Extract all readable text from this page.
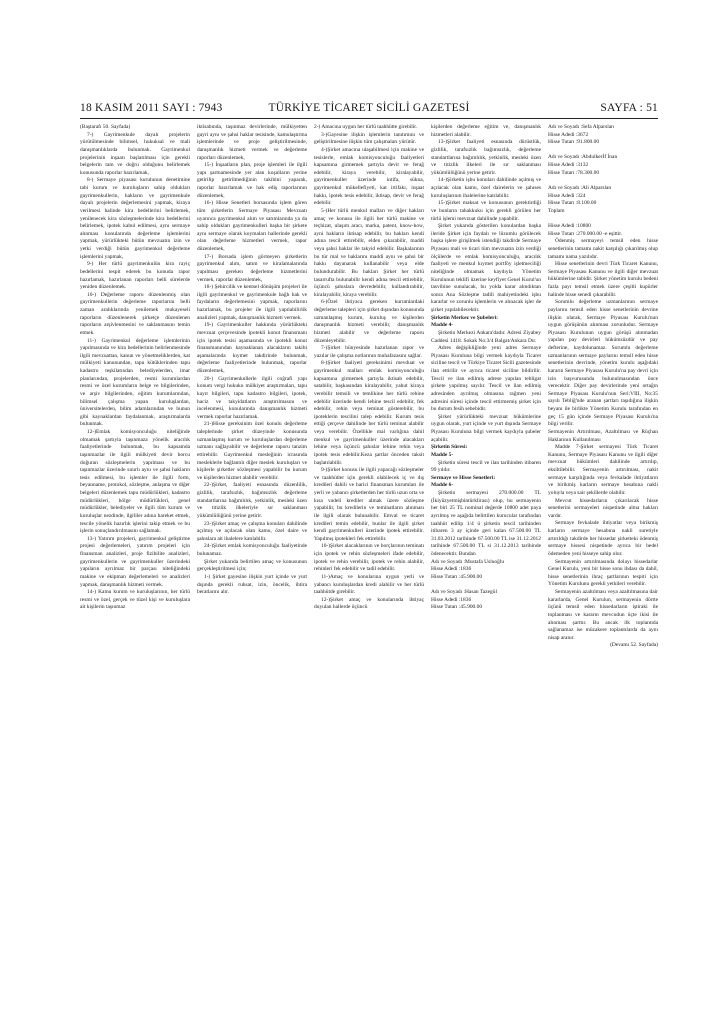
18 KASIM 2011 SAYI : 7943	TÜRKİYE TİCARET SİCİLİ GAZETESİ	SAYFA : 51

(Baştarafı 50. Sayfada)

7-) Gayrimenkule dayalı projelerin yürütülmesinde bilimsel, hukuksal ve mali danışmanlıklarda bulunmak. Gayrimenkul projelerinin inşaatı başlatılması için gerekli belgelerin tam ve doğru olduğunu belirlemek konusunda raporlar hazırlamak,

8-) Sermaye piyasası kurulunun denetimine tabi kurum ve kuruluşların sahip oldukları gayrimenkullerin, hakların ve gayrimenkule dayalı projelerin değerlemesini yapmak, kiraya verilmesi halinde kira bedellerini belirlemek, yenilenecek kira sözleşmelerinde kira bedellerini belirlemek, ipotek kabul edilmesi, aynı sermaye alınması konularında değerleme işlemlerini yapmak, yürürlükteki bütün mevzuatın izin ve yetki verdiği bütün gayrimenkul değerleme işlemlerini yapmak,

9-) Her türlü gayrimenkulün kira rayiç bedellerini tespit ederek bu konuda rapor hazırlamak, hazırlanan raporları belli sürelerde yeniden düzenlemek.

10-) Değerleme raporu düzenlenmiş olan gayrimenkullerin değerleme raporlarını belli zaman aralıklarında yenilemek mukayeseli raporların düzenlenerek şirketçe düzenlenen raporların arşivlenmesini ve saklanmasını temin etmek.

11-) Gayrimenkul değerleme işlemlerinin yapılmasında ve kira bedellerinin belirlenmesinde ilgili mevzuattan, kanun ve yönetmeliklerden, kat mülkiyeti kanunundan, tapu kütüklerinden tapu kadastro teşkilatından belediyelerden, imar planlarından, projelerden, resmi kurumlardan resmi ve özel kurumların belge ve bilgilerinden, ve arşiv bilgilerinden, eğitim kurumlarından, bilimsel çalışma yapan kuruluşlardan, üniversitelerden, bilim adamlarından ve bunun gibi kaynaklardan faydalanmak, araştırmalarda bulunmak.

12-)Emlak komisyonculuğu niteliğinde olmamak şartıyla taşınmaza yönelik aracılık faaliyetlerinde bulunmak, bu kapsamda taşınmazlar ile ilgili mülkiyeti devir borcu doğuran sözleşmelerin yapılması ve bu taşınmazlar üzerinde sınırlı aynı ve şahsi hakların tesis edilmesi, bu işlemler ile ilgili form, beyanname, protokol, sözleşme, anlaşma ve diğer belgeleri düzenlemek tapu müdürlükleri, kadastro müdürlükleri, bölge müdürlükleri, genel müdürlükler, belediyeler ve ilgili tüm kurum ve kuruluşlar nezdinde, ilgililer adına hareket etmek, tescile yönelik hazırlık işlerini takip etmek ve bu işlerin sonuçlandırılmasını sağlamak.

13-) Yatırım projeleri, gayrimenkul geliştirme projesi değerlemeleri, yatırım projeleri için finansman analizleri, proje fizibilite analizleri, gayrimenkullerin ve gayrimenkuller üzerindeki yapıların ayrılmaz bir parçası niteliğindeki makine ve ekipman değerlemeleri ve analizleri yapmak, danışmanlık hizmeti vermek.

14-) Kamu kurum ve kuruluşlarının, her türlü resmi ve özel, gerçek ve tüzel kişi ve kuruluşlara ait kişilerin taşınmaz

iktisabında, taşınmaz devirlerinde, mülkiyetten gayri aynı ve şahsi haklar tesisinde, kamulaştırma işlemlerinde ve proje geliştirilmesinde, danışmanlık hizmeti vermek ve değerleme raporları düzenlemek,

15-) İnşaatların plan, proje işlemleri ile ilgili yapı şartnamesinde yer alan koşulların yerine getirilip getirilmediğinin takibini yaparak, raporlar hazırlamak ve hak ediş raporlarının düzenlemek,

16-) Hisse Senetleri borsasında işlem gören tüm şirketlerin Sermaye Piyasası Mevzuatı uyarınca gayrimenkul alım ve satımlarında ya da sahip oldukları gayrimenkulleri başka bir şirkete aynı sermaye olarak koymaları hallerinde gerekli olan değerleme hizmetleri vermek, rapor düzenlemek,

17-) Borsada işlem görmeyen şirketlerin gayrimenkul alım, satım ve kiralamalarında yapılması gereken değerleme hizmetlerini vermek, raporlar düzenlemek,

18-) Şehircilik ve kentsel dönüşüm projeleri ile ilgili gayrimenkul ve gayrimenkule bağlı hak ve faydaların değerlemesini yapmak, raporlarını hazırlamak, bu projeler ile ilgili yapılabilirlik analizleri yapmak, danışmanlık hizmeti vermek.

19-) Gayrimenkuller hakkında yürürlükteki mevzuat çerçevesinde ipotekli konut finansmanı için ipotek tesisi aşamasında ve ipotekli konut finansmanından kaynaklanan alacakların takibi aşamalarında kıymet takdirinde bulunmak, değerleme faaliyetlerinde bulunmak, raporlar düzenlemek,

20-) Gayrimenkullerle ilgili coğrafi yapı konum vergi hukuku mülkiyet araştırmaları, tapu kayıt bilgileri, tapu kadastro bilgileri, ipotek, haciz ve takyidatların araştırılmasını ve incelenmesi, konularında danışmanlık hizmeti vermek raporlar hazırlamak.

21-)Hisse gereksinim özel konulu değerleme taleplerinde şirket düzeyinde konusunda uzmanlaşmış kurum ve kuruluşlardan değerleme uzmanı sağlayabilir ve değerleme raporu tanzim ettirebilir. Gayrimenkul mesleğinin icrasında mesleklerle bağlantılı diğer meslek kuruluşları ve kişilerle şirketler sözleşmesi yapabilir bu kurum ve kişilerden hizmet alabilir verebilir.

22-)Şirket, faaliyeti esnasında düzenlilik, gizlilik, tarafsızlık, bağımsızlık değerleme standartlarına bağımlılık, yetkinlik, mesleki özen ve titizlik ilkeleriyle sır saklanması yükümlülüğünü yerine getirir.

23-)Şirket amaç ve çalışma konuları dahilinde açılmış ve açılacak olan kamu, özel daire ve şahıslara ait ihalelere katılabilir.

24-)Şirket emlak komisyonculuğu faaliyetinde bulunamaz.

Şirket yukarıda belirtilen amaç ve konusunun gerçekleştirilmesi için;

1-) Şirket gayesine ilişkin yurt içinde ve yurt dışında gerekli ruhsat, izin, öncelik, ihtira beratlarını alır.

2-) Amacına uygun her türlü taahhütte girebilir.

3-)Gayesine ilişkin işlemlerin tanıtımını ve geliştirilmesine ilişkin tüm çalışmaları yürütür.

4-)Şirket amacına ulaşabilmesi için makine ve tesislerle, emlak komisyonculuğu faaliyetleri kapsamına girmemek şartıyla devir ve ferağ edebilir, kiraya verebilir, kiralayabilir, gayrimenkuller üzerinde intifa, sükna, gayrimenkul mükellefiyeti, kat irtifakı, inşaat hakkı, ipotek tesis edebilir, iktisap, devir ve ferağ edebilir.

5-)Her türlü menkul malları ve diğer hakları amaç ve konusu ile ilgili her türlü makine ve teçhizat, ulaşım aracı, marka, patent, know-how, ayni hakların iktisap edebilir, bu hakları kendi adına tescil ettirebilir, elden çıkarabilir, maddi veya şahsi haklar ile takyid edebilir. Başkalarının bu tür mal ve haklarını maddi aynı ve şahsi bir hakkı dayanarak kullanabilir veya elde bulundurabilir. Bu hakları Şirket her türlü tasarrufta bulunabilir kendi adına tescil ettirebilir, üçüncü şahıslara devredebilir, kullandırabilir, kiralayabilir, kiraya verebilir.

6-)Özel ihtiyaca gereken kurumlardaki değerleme talepleri için şirket dışından konusunda uzmanlaşmış kurum, kuruluş ve kişilerden danışmanlık hizmeti verebilir, danışmanlık hizmeti alabilir ve değerleme raporu düzenleyebilir.

7-)Şirket bünyesinde hazırlanan rapor ve yazılar ile çalışma notlarının muhafazasını sağlar.

8-)Şirket faaliyeti gereksinimi mevduat ve gayrimenkul malları emlak komisyonculuğu kapsamına girmemek şartıyla iktisab edebilir, satabilir, başkasından kiralayabilir, yahut kiraya verebilir temsili ve temlikine her türlü rehine edebilir üzerinde kendi lehine tescil edebilir, fek edebilir, rehin veya teminat gösterebilir, bu ipoteklerin tescilini talep edebilir. Kurum tesis ettiği çerçeve dahilinde her türlü teminat alabilir veya verebilir. Özellikle mal varlığına dahil menkul ve gayrimenkuller üzerinde alacakları lehine veya üçüncü şahıslar lehine rehin veya ipotek tesis edebilir.Keza şartlar önceden taksit başlatılabilir.

9-)Şirket konusu ile ilgili yapacağı sözleşmeler ve taahhütler için gerekli olabilecek iç ve dış kredileri dahili ve harici finansman kurumları ile yerli ve yabancı şirketlerden her türlü uzun orta ve kısa vadeli krediler almak üzere sözleşme yapabilir, bu kredilerin ve teminatların alınması ile ilgili olarak bulunabilir. Emval ve ticaret kredileri temin edebilir, bunlar ile ilgili şirket kendi gayrimenkulleri üzerinde ipotek ettirebilir. Yapılmış ipotekleri fek ettirebilir.

10-)Şirket alacaklarının ve borçlarının teminatı için ipotek ve rehin sözleşmeleri ifade edebilir, ipotek ve rehin verebilir, ipotek ve rehin alabilir, rehinleri fek edebilir ve tadil edebilir.

11-)Amaç ve konularına uygun yerli ve yabancı kuruluşlardan kredi alabilir ve her türlü taahhütde girebilir.

12-)Şirket amaç ve konularında ihtiyaç duyulan hallerde üçüncü

kişilerden değerleme eğitim ve, danışmanlık hizmetleri alabilir.

13-)Şirket faaliyeti esnasında dürüstlük, gizlilik, tarafsızlık bağımsızlık, değerleme standartlarına bağımlılık, yetkinlik, mesleki özen ve titizlik ilkeleri ile sır saklanması yükümlülüğünü yerine getirir.

14-)Şirketin işbu konuları dahilinde açılmış ve açılacak olan kamu, özel dairelerin ve şahıses kuruluşlarının ihalelerine katılabilir.

15-)Şirket maksat ve konusunun gerektirdiği ve bunların tahakkuku için gerekli görülen her türlü işlemi mevzuat dahilinde yapabilir.

Şirket yukarıda gösterilen konulardan başka ileride Şirket için faydalı ve lüzumlu görülecek başka işlere girişilmek istendiği takdirde Sermaye Piyasası mali ve ticari tüm mevzuatın izin verdiği ölçülerde ve emlak komisyonculuğu, aracılık faaliyeti ve menkul kıymet portföy işletmeciliği niteliğinde olmamak kaydıyla Yönetim Kurulunun teklifi üzerine keyfiyet Genel Kurul'un tasvibine sunulacak, bu yolda karar alındıktan sonra Ana Sözleşme tadili mahiyetindeki işbu kararlar ve zorunlu işlemlerin ve alınacak işler de şirket yapılabilecektir.

Şirketin Merkez ve Şubeleri:

Madde 4-

Şirketin Merkezi Ankara'dadır. Adresi Ziyabey Caddesi 1418. Sokak No:3/4 Balgat/Ankara Dır.

Adres değişikliğinde yeni adres Sermaye Piyasası Kuruluna bilgi vermek kaydıyla Ticaret siciline tescil ve Türkiye Ticaret Sicili gazetesinde ilan ettirilir ve ayrıca ticaret siciline bildirilir. Tescil ve ilan edilmiş adrese yapılan tebligat şirkete yapılmış sayılır. Tescil ve ilan edilmiş adresinden ayrılmış olmasına rağmen yeni adresini süresi içinde tescil ettirmemiş şirket için bu durum fesih sebebidir.

Şirket yürürlükteki mevzuat hükümlerine uygun olarak, yurt içinde ve yurt dışında Sermaye Piyasası Kuruluna bilgi vermek kaydıyla şubeler açabilir.

Şirketin Süresi:

Madde 5-

Şirketin süresi tescil ve ilan tarihinden itibaren 99 yıldır.

Sermaye ve Hisse Senetleri:

Madde 6-

Şirketin sermayesi 270.000.00 TL (İkiyüzyetmişbintürklirası) olup, bu sermayenin her biri 25 TL nominal değerde 10800 adet paya ayrılmış ve aşağıda belirtilen kurucular tarafından taahhüt edilip 1/4 ü şirketin tescil tarihinden itibaren 3 ay içinde geri kalan 67.500.00 TL 31.03.2012 tarihinde 67.500.00 TL ise 31.12.2012 tarihinde 67.500.00 TL si 31.12.2013 tarihinde ödenecektir. Bundan

Adı ve Soyadı :Mustafa Usluoğlu

Hisse Adedi :1836

Hisse Tutarı :45.900.00

Adı ve Soyadı :Hasan Tazegül

Hisse Adedi :1836

Hisse Tutarı :45.900.00

Adı ve Soyadı :Sefa Alparslan

Hisse Adedi :3672

Hisse Tutarı :91.800.00

Adı ve Soyadı :Abdulkerİf İnan

Hisse Adedi :3132

Hisse Tutarı :78.300.00

Adı ve Soyadı :Ali Alparslan

Hisse Adedi :324

Hisse Tutarı :8.100.00

Toplam

Hisse Adedi :10800

Hisse Tutarı :270.000.00 -e eşittir.

Ödenmiş sermayeyi temsil eden hisse senetlerinin tamamı nakit karşılığı çıkarılmış olup tamamı nama yazılıdır.

Hisse senetlerinin devri Türk Ticaret Kanunu, Sermaye Piyasası Kanunu ve ilgili diğer mevzuat hükümlerine tabidir. Şirket yönetim kurulu bedeni fazla payı temsil etmek üzere çeşitli kupürler halinde hisse senedi çıkarabilir.

Sorumlu değerleme uzmanlarının sermaye paylarını temsil eden hisse senetlerinin devrine ilişkin olarak, Sermaye Piyasası Kurulu'nun uygun görüşünün alınması zorunludur. Sermaye Piyasası Kurulunun uygun görüşü alınmadan yapılan pay devirleri hükümsüzdür ve pay defterine, kaydolunamaz. Sorumlu değerleme uzmanlarının sermaye paylarını temsil eden hisse senetlerinin devrinde, yönetim kurulu aşağıdaki kararın Sermaye Piyasası Kurulu'na pay devri için izin başvurusunda bulunulmasından önce verecektir. Diğer pay devirlerinde yeni ortağın Sermaye Piyasası Kurulu'nun Seri:VIII, No:35 sayılı Tebliğ'nde aranan şartları taşıdığına ilişkin beyanı ile birlikte Yönetim Kurulu tarafından en geç 15 gün içinde Sermaye Piyasası Kurulu'na bilgi verilir.

Sermayenin Artırılması, Azaltılması ve Rüçhan Haklarının Kullanılması

Madde 7-Şirket sermayesi Türk Ticaret Kanunu, Sermaye Piyasası Kanunu ve ilgili diğer mevzuat hükümleri dahilinde artırılıp, eksiltilebilir. Sermayenin artırılması, nakit sermaye karşılığında veya fevkalade ihtiyatların ve birikmiş karların sermaye hesabına nakli yoluyla veya sair şekillerde olabilir.

Mevcut hissedarların çıkarılacak hisse senetlerini sermayeleri nispetinde alma hakları vardır.

Sermaye fevkalade ihtiyatlar veya birikmiş karların sermaye hesabına nakli suretiyle artırıldığı takdirde her hissedar şirketteki ödenmiş sermaye hissesi nispetinde ayrıca bir bedel ödemeden yeni hisseye sahip olur.

Sermayenin artırılmasında dolayı hissedarlar Genel Kurulu, yeni bir hisse sonu ihdası da dahil, hisse senetlerinin ihraç şartlarının tespiti için Yönetim Kurulunu gerekli yetkileri verebilir.

Sermayenin azaltılması veya azaltılmasına dair kararlarda, Genel Kurulun, sermayenin dörtte üçünü temsil eden hissedarların iştiraki ile toplanması ve kararın mevcudun üçte ikisi ile alınması şarttır. Bu ancak ilk toplantıda sağlanamaz ise müzakere toplantılarda da aynı nisap aranır.

(Devamı 52. Sayfada)
